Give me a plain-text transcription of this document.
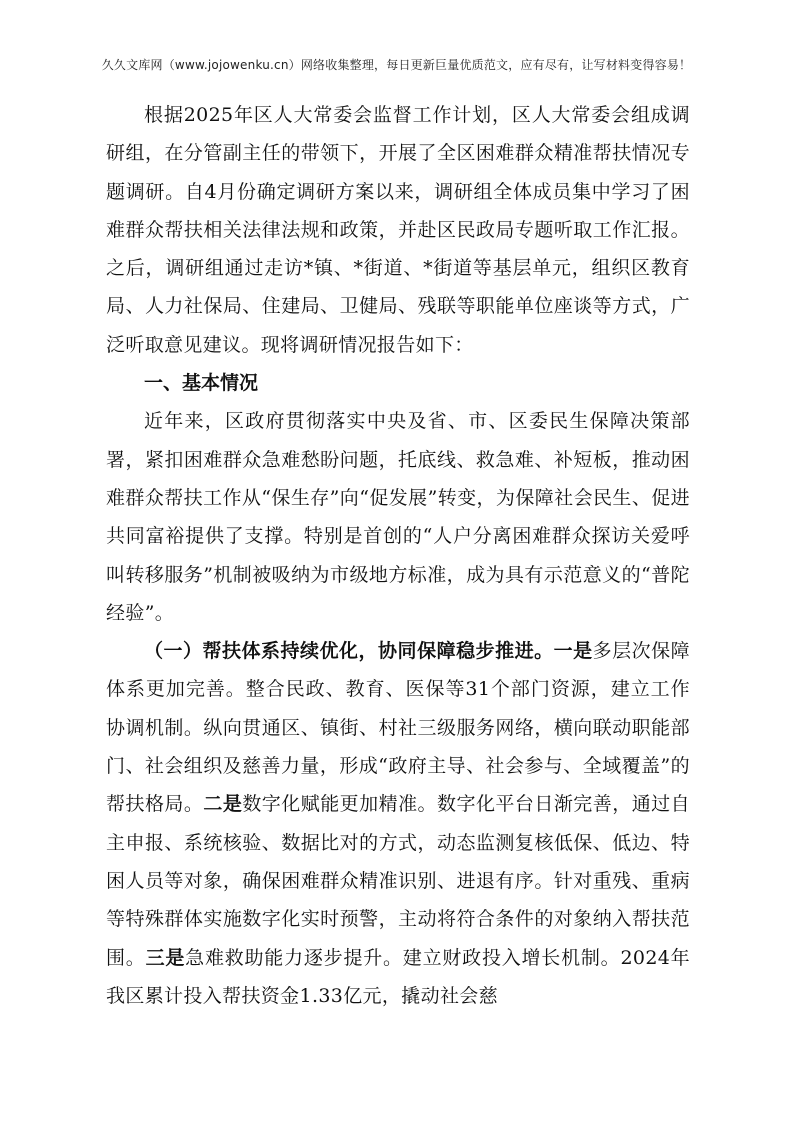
久久文库网（www.jojowenku.cn）网络收集整理，每日更新巨量优质范文，应有尽有，让写材料变得容易！

根据2025年区人大常委会监督工作计划，区人大常委会组成调研组，在分管副主任的带领下，开展了全区困难群众精准帮扶情况专题调研。自4月份确定调研方案以来，调研组全体成员集中学习了困难群众帮扶相关法律法规和政策，并赴区民政局专题听取工作汇报。之后，调研组通过走访*镇、*街道、*街道等基层单元，组织区教育局、人力社保局、住建局、卫健局、残联等职能单位座谈等方式，广泛听取意见建议。现将调研情况报告如下：

一、基本情况

近年来，区政府贯彻落实中央及省、市、区委民生保障决策部署，紧扣困难群众急难愁盼问题，托底线、救急难、补短板，推动困难群众帮扶工作从“保生存”向“促发展”转变，为保障社会民生、促进共同富裕提供了支撑。特别是首创的“人户分离困难群众探访关爱呼叫转移服务”机制被吸纳为市级地方标准，成为具有示范意义的“普陀经验”。

（一）帮扶体系持续优化，协同保障稳步推进。一是多层次保障体系更加完善。整合民政、教育、医保等31个部门资源，建立工作协调机制。纵向贯通区、镇街、村社三级服务网络，横向联动职能部门、社会组织及慈善力量，形成“政府主导、社会参与、全域覆盖”的帮扶格局。二是数字化赋能更加精准。数字化平台日渐完善，通过自主申报、系统核验、数据比对的方式，动态监测复核低保、低边、特困人员等对象，确保困难群众精准识别、进退有序。针对重残、重病等特殊群体实施数字化实时预警，主动将符合条件的对象纳入帮扶范围。三是急难救助能力逐步提升。建立财政投入增长机制。2024年我区累计投入帮扶资金1.33亿元，撬动社会慈
